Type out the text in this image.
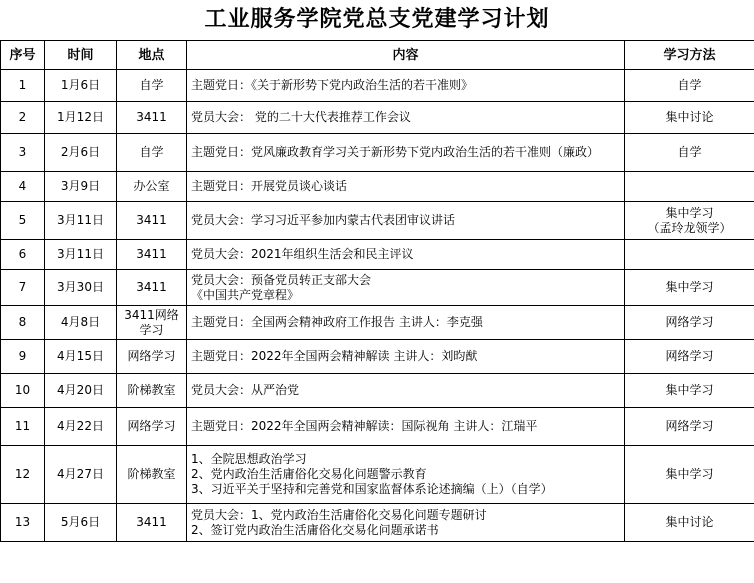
工业服务学院党总支党建学习计划
序号	时间	地点	内容	学习方法
1	1月6日	自学	主题党日：《关于新形势下党内政治生活的若干准则》	自学

2	1月12日	3411	党员大会： 党的二十大代表推荐工作会议	集中讨论

3	2月6日	自学	主题党日：党风廉政教育学习关于新形势下党内政治生活的若干准则（廉政）	自学

4	3月9日	办公室	主题党日：开展党员谈心谈话	

5	3月11日	3411	党员大会：学习习近平参加内蒙古代表团审议讲话	集中学习
（孟玲龙领学）

6	3月11日	3411	党员大会：2021年组织生活会和民主评议	

7	3月30日	3411	党员大会：预备党员转正支部大会
《中国共产党章程》	集中学习

8	4月8日	3411网络学习	主题党日：全国两会精神政府工作报告 主讲人：李克强	网络学习

9	4月15日	网络学习	主题党日：2022年全国两会精神解读 主讲人：刘昀猷	网络学习

10	4月20日	阶梯教室	党员大会：从严治党	集中学习

11	4月22日	网络学习	主题党日：2022年全国两会精神解读：国际视角 主讲人：江瑞平	网络学习

12	4月27日	阶梯教室	1、全院思想政治学习
2、党内政治生活庸俗化交易化问题警示教育
3、习近平关于坚持和完善党和国家监督体系论述摘编（上）（自学）	集中学习

13	5月6日	3411	党员大会：1、党内政治生活庸俗化交易化问题专题研讨
2、签订党内政治生活庸俗化交易化问题承诺书	集中讨论
